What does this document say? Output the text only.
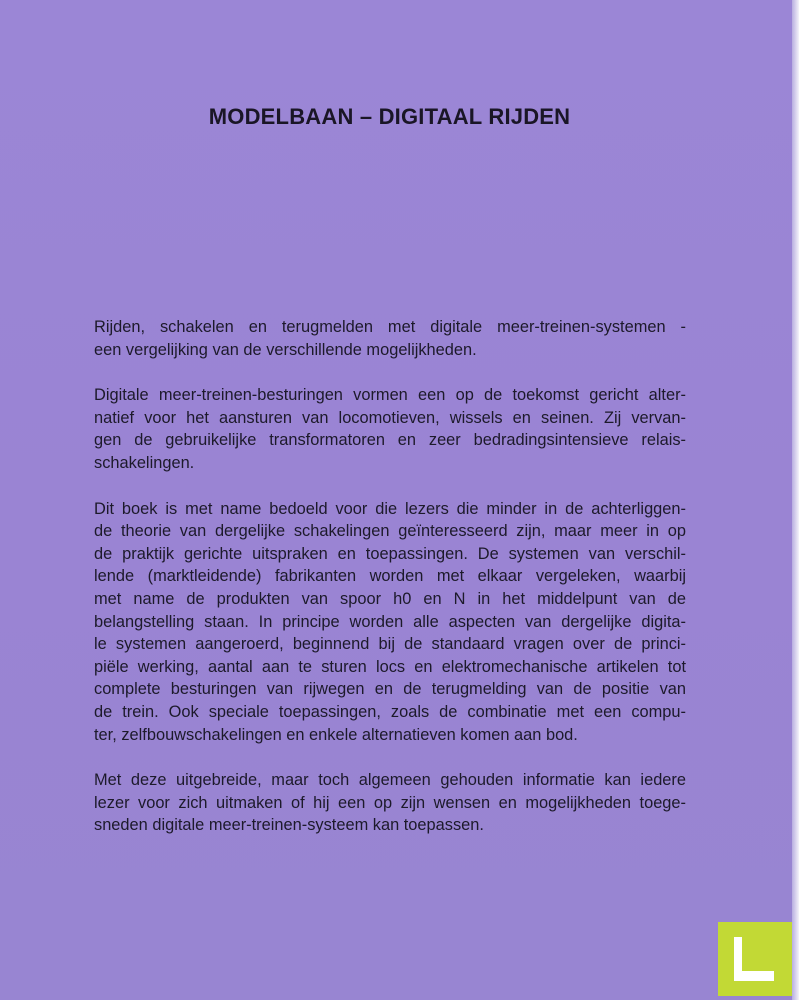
MODELBAAN – DIGITAAL RIJDEN

Rijden, schakelen en terugmelden met digitale meer-treinen-systemen -
een vergelijking van de verschillende mogelijkheden.

Digitale meer-treinen-besturingen vormen een op de toekomst gericht alter-
natief voor het aansturen van locomotieven, wissels en seinen. Zij vervan-
gen de gebruikelijke transformatoren en zeer bedradingsintensieve relais-
schakelingen.

Dit boek is met name bedoeld voor die lezers die minder in de achterliggen-
de theorie van dergelijke schakelingen geïnteresseerd zijn, maar meer in op
de praktijk gerichte uitspraken en toepassingen. De systemen van verschil-
lende (marktleidende) fabrikanten worden met elkaar vergeleken, waarbij
met name de produkten van spoor h0 en N in het middelpunt van de
belangstelling staan. In principe worden alle aspecten van dergelijke digita-
le systemen aangeroerd, beginnend bij de standaard vragen over de princi-
piële werking, aantal aan te sturen locs en elektromechanische artikelen tot
complete besturingen van rijwegen en de terugmelding van de positie van
de trein. Ook speciale toepassingen, zoals de combinatie met een compu-
ter, zelfbouwschakelingen en enkele alternatieven komen aan bod.

Met deze uitgebreide, maar toch algemeen gehouden informatie kan iedere
lezer voor zich uitmaken of hij een op zijn wensen en mogelijkheden toege-
sneden digitale meer-treinen-systeem kan toepassen.
